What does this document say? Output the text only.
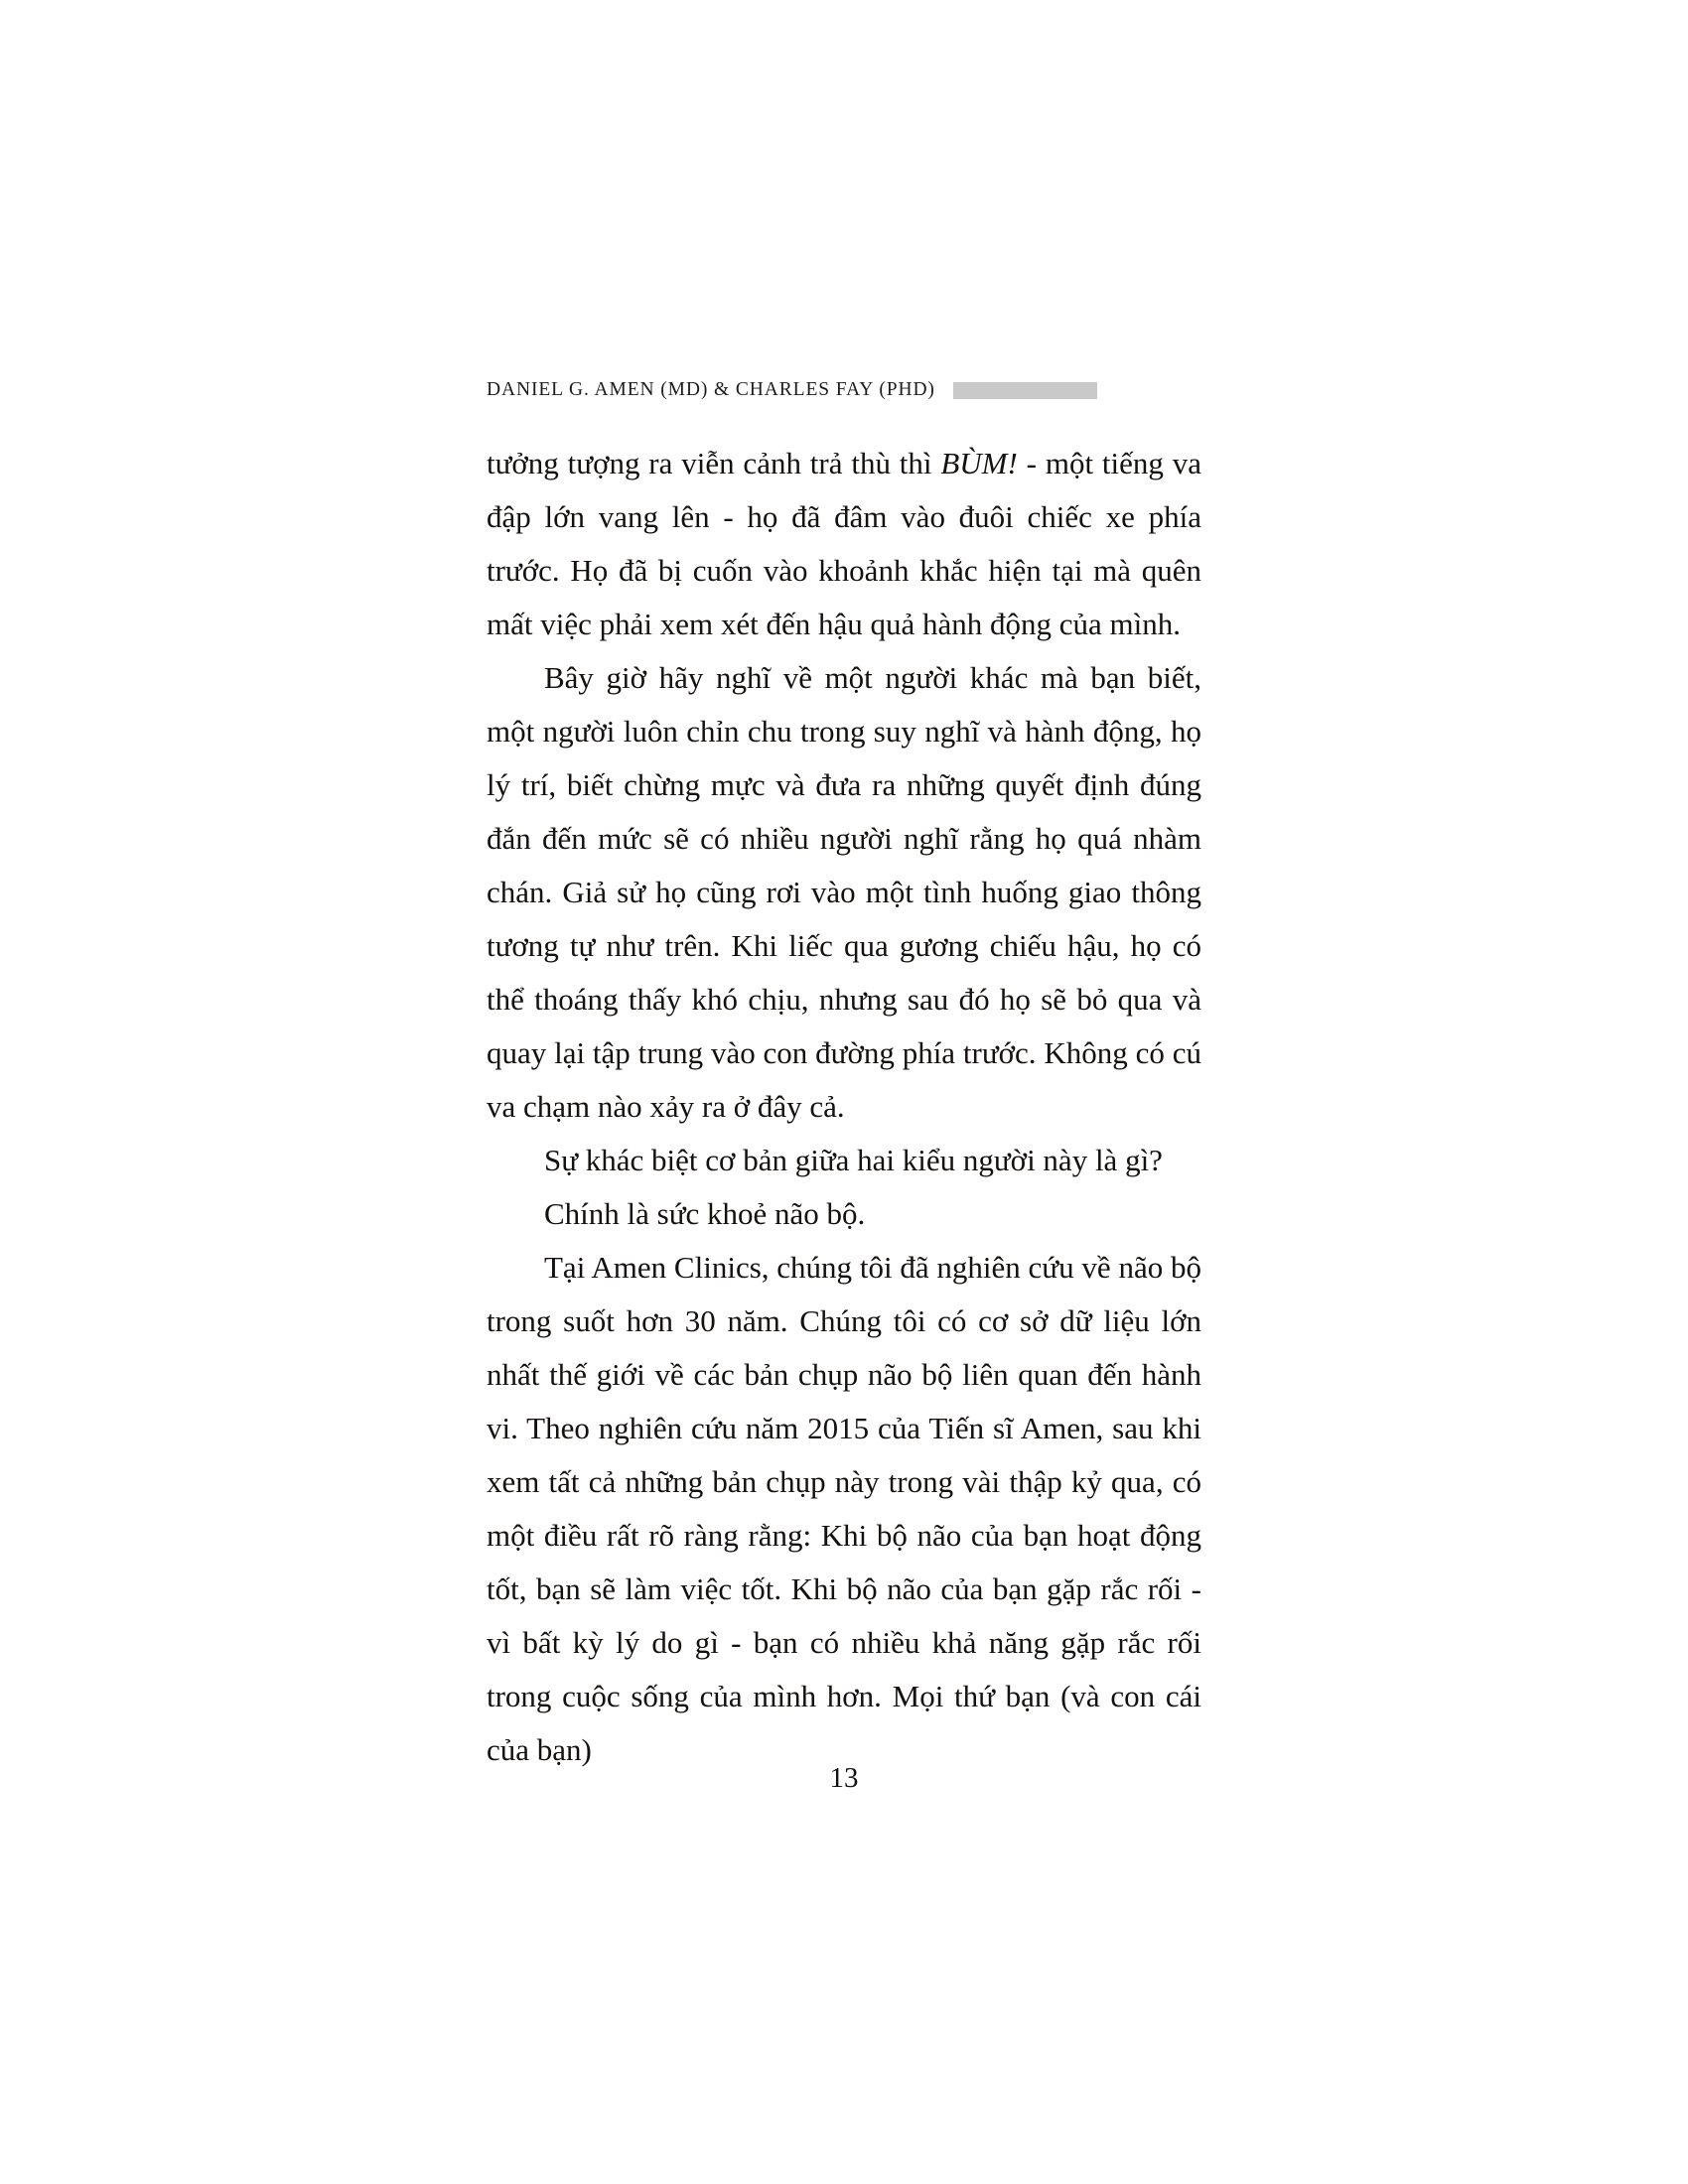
DANIEL G. AMEN (MD) & CHARLES FAY (PHD)

tưởng tượng ra viễn cảnh trả thù thì BÙM! - một tiếng va đập lớn vang lên - họ đã đâm vào đuôi chiếc xe phía trước. Họ đã bị cuốn vào khoảnh khắc hiện tại mà quên mất việc phải xem xét đến hậu quả hành động của mình.

Bây giờ hãy nghĩ về một người khác mà bạn biết, một người luôn chỉn chu trong suy nghĩ và hành động, họ lý trí, biết chừng mực và đưa ra những quyết định đúng đắn đến mức sẽ có nhiều người nghĩ rằng họ quá nhàm chán. Giả sử họ cũng rơi vào một tình huống giao thông tương tự như trên. Khi liếc qua gương chiếu hậu, họ có thể thoáng thấy khó chịu, nhưng sau đó họ sẽ bỏ qua và quay lại tập trung vào con đường phía trước. Không có cú va chạm nào xảy ra ở đây cả.

Sự khác biệt cơ bản giữa hai kiểu người này là gì?

Chính là sức khoẻ não bộ.

Tại Amen Clinics, chúng tôi đã nghiên cứu về não bộ trong suốt hơn 30 năm. Chúng tôi có cơ sở dữ liệu lớn nhất thế giới về các bản chụp não bộ liên quan đến hành vi. Theo nghiên cứu năm 2015 của Tiến sĩ Amen, sau khi xem tất cả những bản chụp này trong vài thập kỷ qua, có một điều rất rõ ràng rằng: Khi bộ não của bạn hoạt động tốt, bạn sẽ làm việc tốt. Khi bộ não của bạn gặp rắc rối - vì bất kỳ lý do gì - bạn có nhiều khả năng gặp rắc rối trong cuộc sống của mình hơn. Mọi thứ bạn (và con cái của bạn)

13
